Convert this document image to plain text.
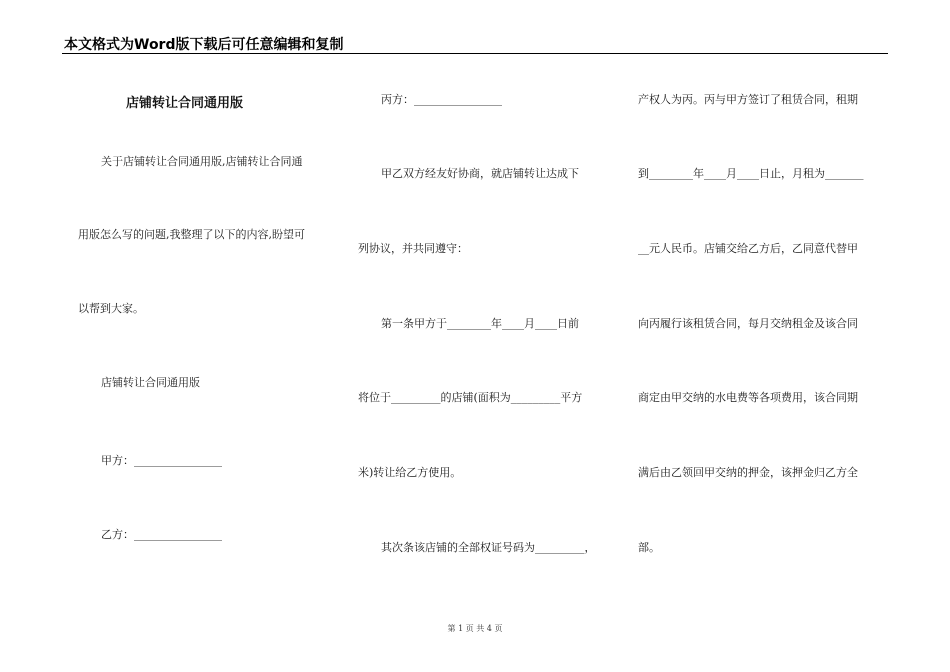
本文格式为Word版下载后可任意编辑和复制
店铺转让合同通用版
关于店铺转让合同通用版,店铺转让合同通
用版怎么写的问题,我整理了以下的内容,盼望可
以帮到大家。
店铺转让合同通用版
甲方：________________
乙方：________________
丙方：________________
甲乙双方经友好协商，就店铺转让达成下
列协议，并共同遵守：
第一条甲方于________年____月____日前
将位于_________的店铺(面积为_________平方
米)转让给乙方使用。
其次条该店铺的全部权证号码为_________，
产权人为丙。丙与甲方签订了租赁合同，租期
到________年____月____日止，月租为_______
__元人民币。店铺交给乙方后，乙同意代替甲
向丙履行该租赁合同，每月交纳租金及该合同
商定由甲交纳的水电费等各项费用，该合同期
满后由乙领回甲交纳的押金，该押金归乙方全
部。
第 1 页 共 4 页
